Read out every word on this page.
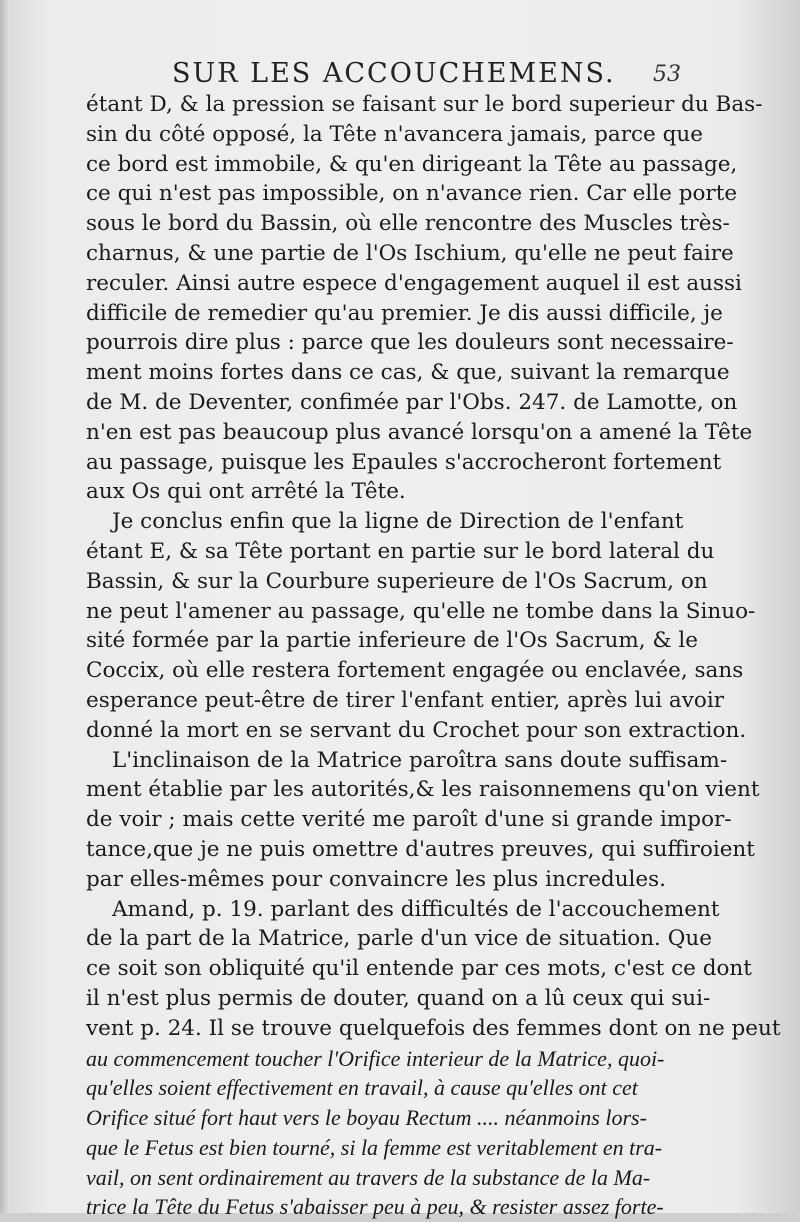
SUR LES ACCOUCHEMENS. 53
étant D, & la pression se faisant sur le bord superieur du Bas-
sin du côté opposé, la Tête n'avancera jamais, parce que
ce bord est immobile, & qu'en dirigeant la Tête au passage,
ce qui n'est pas impossible, on n'avance rien. Car elle porte
sous le bord du Bassin, où elle rencontre des Muscles très-
charnus, & une partie de l'Os Ischium, qu'elle ne peut faire
reculer. Ainsi autre espece d'engagement auquel il est aussi
difficile de remedier qu'au premier. Je dis aussi difficile, je
pourrois dire plus : parce que les douleurs sont necessaire-
ment moins fortes dans ce cas, & que, suivant la remarque
de M. de Deventer, confimée par l'Obs. 247. de Lamotte, on
n'en est pas beaucoup plus avancé lorsqu'on a amené la Tête
au passage, puisque les Epaules s'accrocheront fortement
aux Os qui ont arrêté la Tête.
Je conclus enfin que la ligne de Direction de l'enfant
étant E, & sa Tête portant en partie sur le bord lateral du
Bassin, & sur la Courbure superieure de l'Os Sacrum, on
ne peut l'amener au passage, qu'elle ne tombe dans la Sinuo-
sité formée par la partie inferieure de l'Os Sacrum, & le
Coccix, où elle restera fortement engagée ou enclavée, sans
esperance peut-être de tirer l'enfant entier, après lui avoir
donné la mort en se servant du Crochet pour son extraction.
L'inclinaison de la Matrice paroîtra sans doute suffisam-
ment établie par les autorités,& les raisonnemens qu'on vient
de voir ; mais cette verité me paroît d'une si grande impor-
tance,que je ne puis omettre d'autres preuves, qui suffiroient
par elles-mêmes pour convaincre les plus incredules.
Amand, p. 19. parlant des difficultés de l'accouchement
de la part de la Matrice, parle d'un vice de situation. Que
ce soit son obliquité qu'il entende par ces mots, c'est ce dont
il n'est plus permis de douter, quand on a lû ceux qui sui-
vent p. 24. Il se trouve quelquefois des femmes dont on ne peut
au commencement toucher l'Orifice interieur de la Matrice, quoi-
qu'elles soient effectivement en travail, à cause qu'elles ont cet
Orifice situé fort haut vers le boyau Rectum .... néanmoins lors-
que le Fetus est bien tourné, si la femme est veritablement en tra-
vail, on sent ordinairement au travers de la substance de la Ma-
trice la Tête du Fetus s'abaisser peu à peu, & resister assez forte-
